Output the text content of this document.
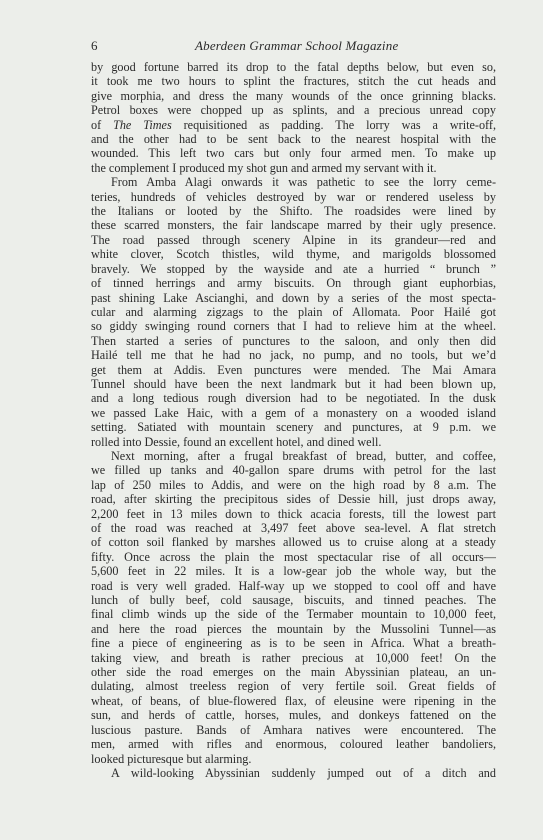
6	Aberdeen Grammar School Magazine
by good fortune barred its drop to the fatal depths below, but even so,
it took me two hours to splint the fractures, stitch the cut heads and
give morphia, and dress the many wounds of the once grinning blacks.
Petrol boxes were chopped up as splints, and a precious unread copy
of The Times requisitioned as padding. The lorry was a write-off,
and the other had to be sent back to the nearest hospital with the
wounded. This left two cars but only four armed men. To make up
the complement I produced my shot gun and armed my servant with it.
From Amba Alagi onwards it was pathetic to see the lorry ceme-
teries, hundreds of vehicles destroyed by war or rendered useless by
the Italians or looted by the Shifto. The roadsides were lined by
these scarred monsters, the fair landscape marred by their ugly presence.
The road passed through scenery Alpine in its grandeur—red and
white clover, Scotch thistles, wild thyme, and marigolds blossomed
bravely. We stopped by the wayside and ate a hurried “ brunch ”
of tinned herrings and army biscuits. On through giant euphorbias,
past shining Lake Ascianghi, and down by a series of the most specta-
cular and alarming zigzags to the plain of Allomata. Poor Hailé got
so giddy swinging round corners that I had to relieve him at the wheel.
Then started a series of punctures to the saloon, and only then did
Hailé tell me that he had no jack, no pump, and no tools, but we’d
get them at Addis. Even punctures were mended. The Mai Amara
Tunnel should have been the next landmark but it had been blown up,
and a long tedious rough diversion had to be negotiated. In the dusk
we passed Lake Haic, with a gem of a monastery on a wooded island
setting. Satiated with mountain scenery and punctures, at 9 p.m. we
rolled into Dessie, found an excellent hotel, and dined well.
Next morning, after a frugal breakfast of bread, butter, and coffee,
we filled up tanks and 40-gallon spare drums with petrol for the last
lap of 250 miles to Addis, and were on the high road by 8 a.m. The
road, after skirting the precipitous sides of Dessie hill, just drops away,
2,200 feet in 13 miles down to thick acacia forests, till the lowest part
of the road was reached at 3,497 feet above sea-level. A flat stretch
of cotton soil flanked by marshes allowed us to cruise along at a steady
fifty. Once across the plain the most spectacular rise of all occurs—
5,600 feet in 22 miles. It is a low-gear job the whole way, but the
road is very well graded. Half-way up we stopped to cool off and have
lunch of bully beef, cold sausage, biscuits, and tinned peaches. The
final climb winds up the side of the Termaber mountain to 10,000 feet,
and here the road pierces the mountain by the Mussolini Tunnel—as
fine a piece of engineering as is to be seen in Africa. What a breath-
taking view, and breath is rather precious at 10,000 feet! On the
other side the road emerges on the main Abyssinian plateau, an un-
dulating, almost treeless region of very fertile soil. Great fields of
wheat, of beans, of blue-flowered flax, of eleusine were ripening in the
sun, and herds of cattle, horses, mules, and donkeys fattened on the
luscious pasture. Bands of Amhara natives were encountered. The
men, armed with rifles and enormous, coloured leather bandoliers,
looked picturesque but alarming.
A wild-looking Abyssinian suddenly jumped out of a ditch and
